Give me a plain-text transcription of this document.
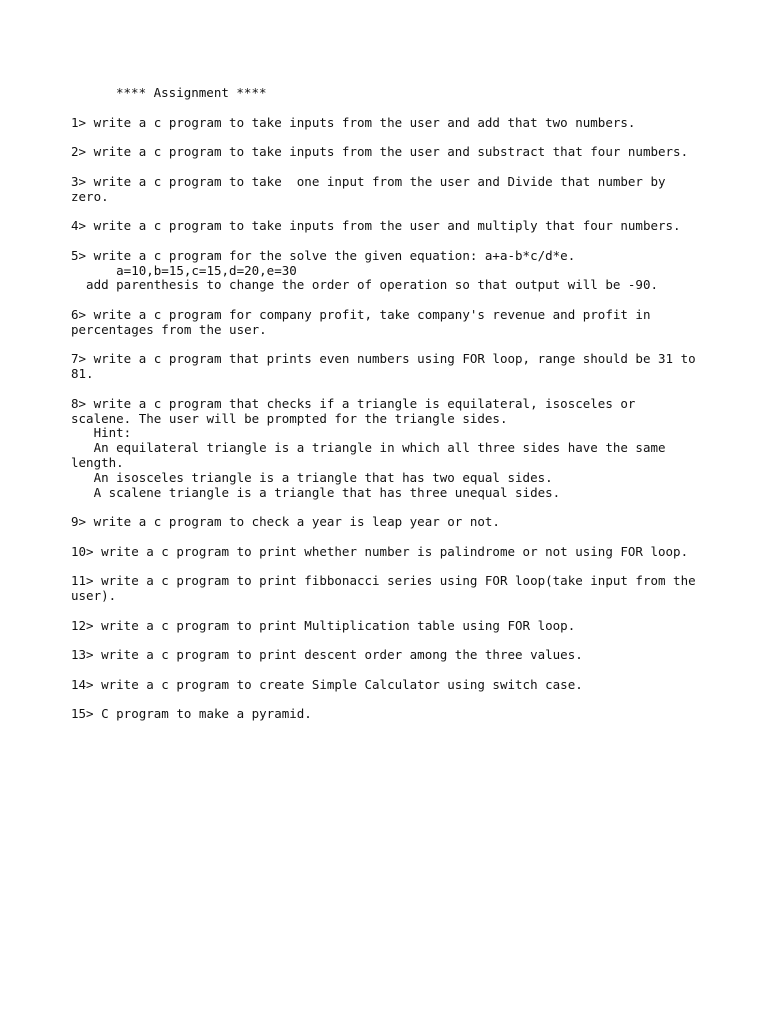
**** Assignment ****
1> write a c program to take inputs from the user and add that two numbers.
2> write a c program to take inputs from the user and substract that four numbers.
3> write a c program to take  one input from the user and Divide that number by
zero.
4> write a c program to take inputs from the user and multiply that four numbers.
5> write a c program for the solve the given equation: a+a-b*c/d*e.
a=10,b=15,c=15,d=20,e=30
add parenthesis to change the order of operation so that output will be -90.
6> write a c program for company profit, take company's revenue and profit in
percentages from the user.
7> write a c program that prints even numbers using FOR loop, range should be 31 to
81.
8> write a c program that checks if a triangle is equilateral, isosceles or
scalene. The user will be prompted for the triangle sides.
Hint:
An equilateral triangle is a triangle in which all three sides have the same
length.
An isosceles triangle is a triangle that has two equal sides.
A scalene triangle is a triangle that has three unequal sides.
9> write a c program to check a year is leap year or not.
10> write a c program to print whether number is palindrome or not using FOR loop.
11> write a c program to print fibbonacci series using FOR loop(take input from the
user).
12> write a c program to print Multiplication table using FOR loop.
13> write a c program to print descent order among the three values.
14> write a c program to create Simple Calculator using switch case.
15> C program to make a pyramid.
